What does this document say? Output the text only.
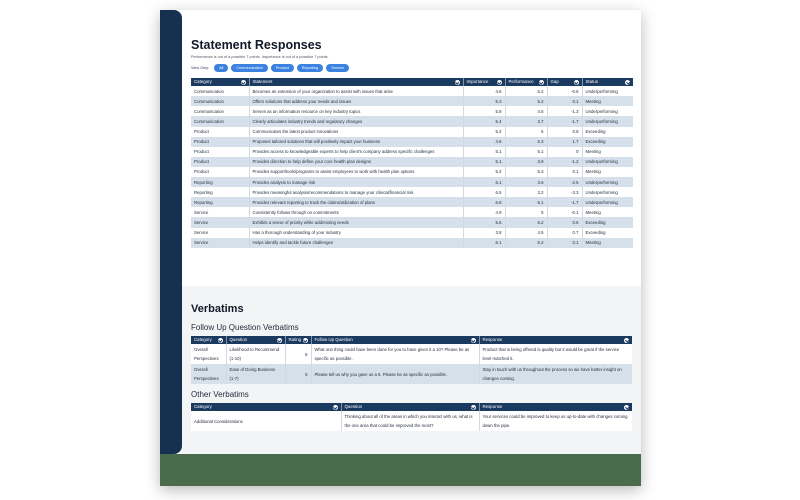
Statement Responses
Performance is out of a possible 7 points. Importance is out of a possible 7 points.
View Only:	All	Communication	Product	Reporting	Service
Category	Statement	Importance	Performance	Gap	Status

Communication	Becomes an extension of your organization to assist with issues that arise	4.6	5.2	-0.6	Underperforming
Communication	Offers solutions that address your needs and issues	5.3	5.2	0.1	Meeting
Communication	Serves as an information resource on key industry topics	5.8	4.5	-1.3	Underperforming
Communication	Clearly articulates industry trends and regulatory changes	5.4	3.7	-1.7	Underperforming
Product	Communicates the latest product innovations	5.2	6	0.8	Exceeding
Product	Proposes tailored solutions that will positively impact your business	4.6	6.3	1.7	Exceeding
Product	Provides access to knowledgeable experts to help client's company address specific challenges	5.1	5.1	0	Meeting
Product	Provides direction to help define your core health plan designs	5.1	3.9	-1.2	Underperforming
Product	Provides support/tools/programs to assist employees to work with health plan options	5.2	5.3	0.1	Meeting
Reporting	Provides analysis to manage risk	6.1	3.6	-2.5	Underperforming
Reporting	Provides meaningful analysis/recommendations to manage your clinical/financial risk	6.5	3.2	-3.3	Underperforming
Reporting	Provides relevant reporting to track the claims/utilization of plans	6.8	5.1	-1.7	Underperforming
Service	Consistently follows through on commitments	4.9	5	-0.1	Meeting
Service	Exhibits a sense of priority while addressing needs	5.6	6.2	0.6	Exceeding
Service	Has a thorough understanding of your industry	3.8	4.5	0.7	Exceeding
Service	Helps identify and tackle future challenges	6.1	6.2	0.1	Meeting
Verbatims
Follow Up Question Verbatims
Category	Question	Rating	Follow Up Question	Response

Overall Perspectives	Likelihood to Recommend (1-10)	8	What one thing could have been done for you to have given it a 10? Please be as specific as possible.	Product that is being offered is quality but it would be great if the service level matched it.
Overall Perspectives	Ease of Doing Business (1-7)	5	Please tell us why you gave us a 5. Please be as specific as possible.	Stay in touch with us throughout the process so we have better insight on changes coming.
Other Verbatims
Category	Question	Response

Additional Considerations	Thinking about all of the areas in which you interact with us, what is the one area that could be improved the most?	Your services could be improved to keep us up-to-date with changes coming down the pipe.
